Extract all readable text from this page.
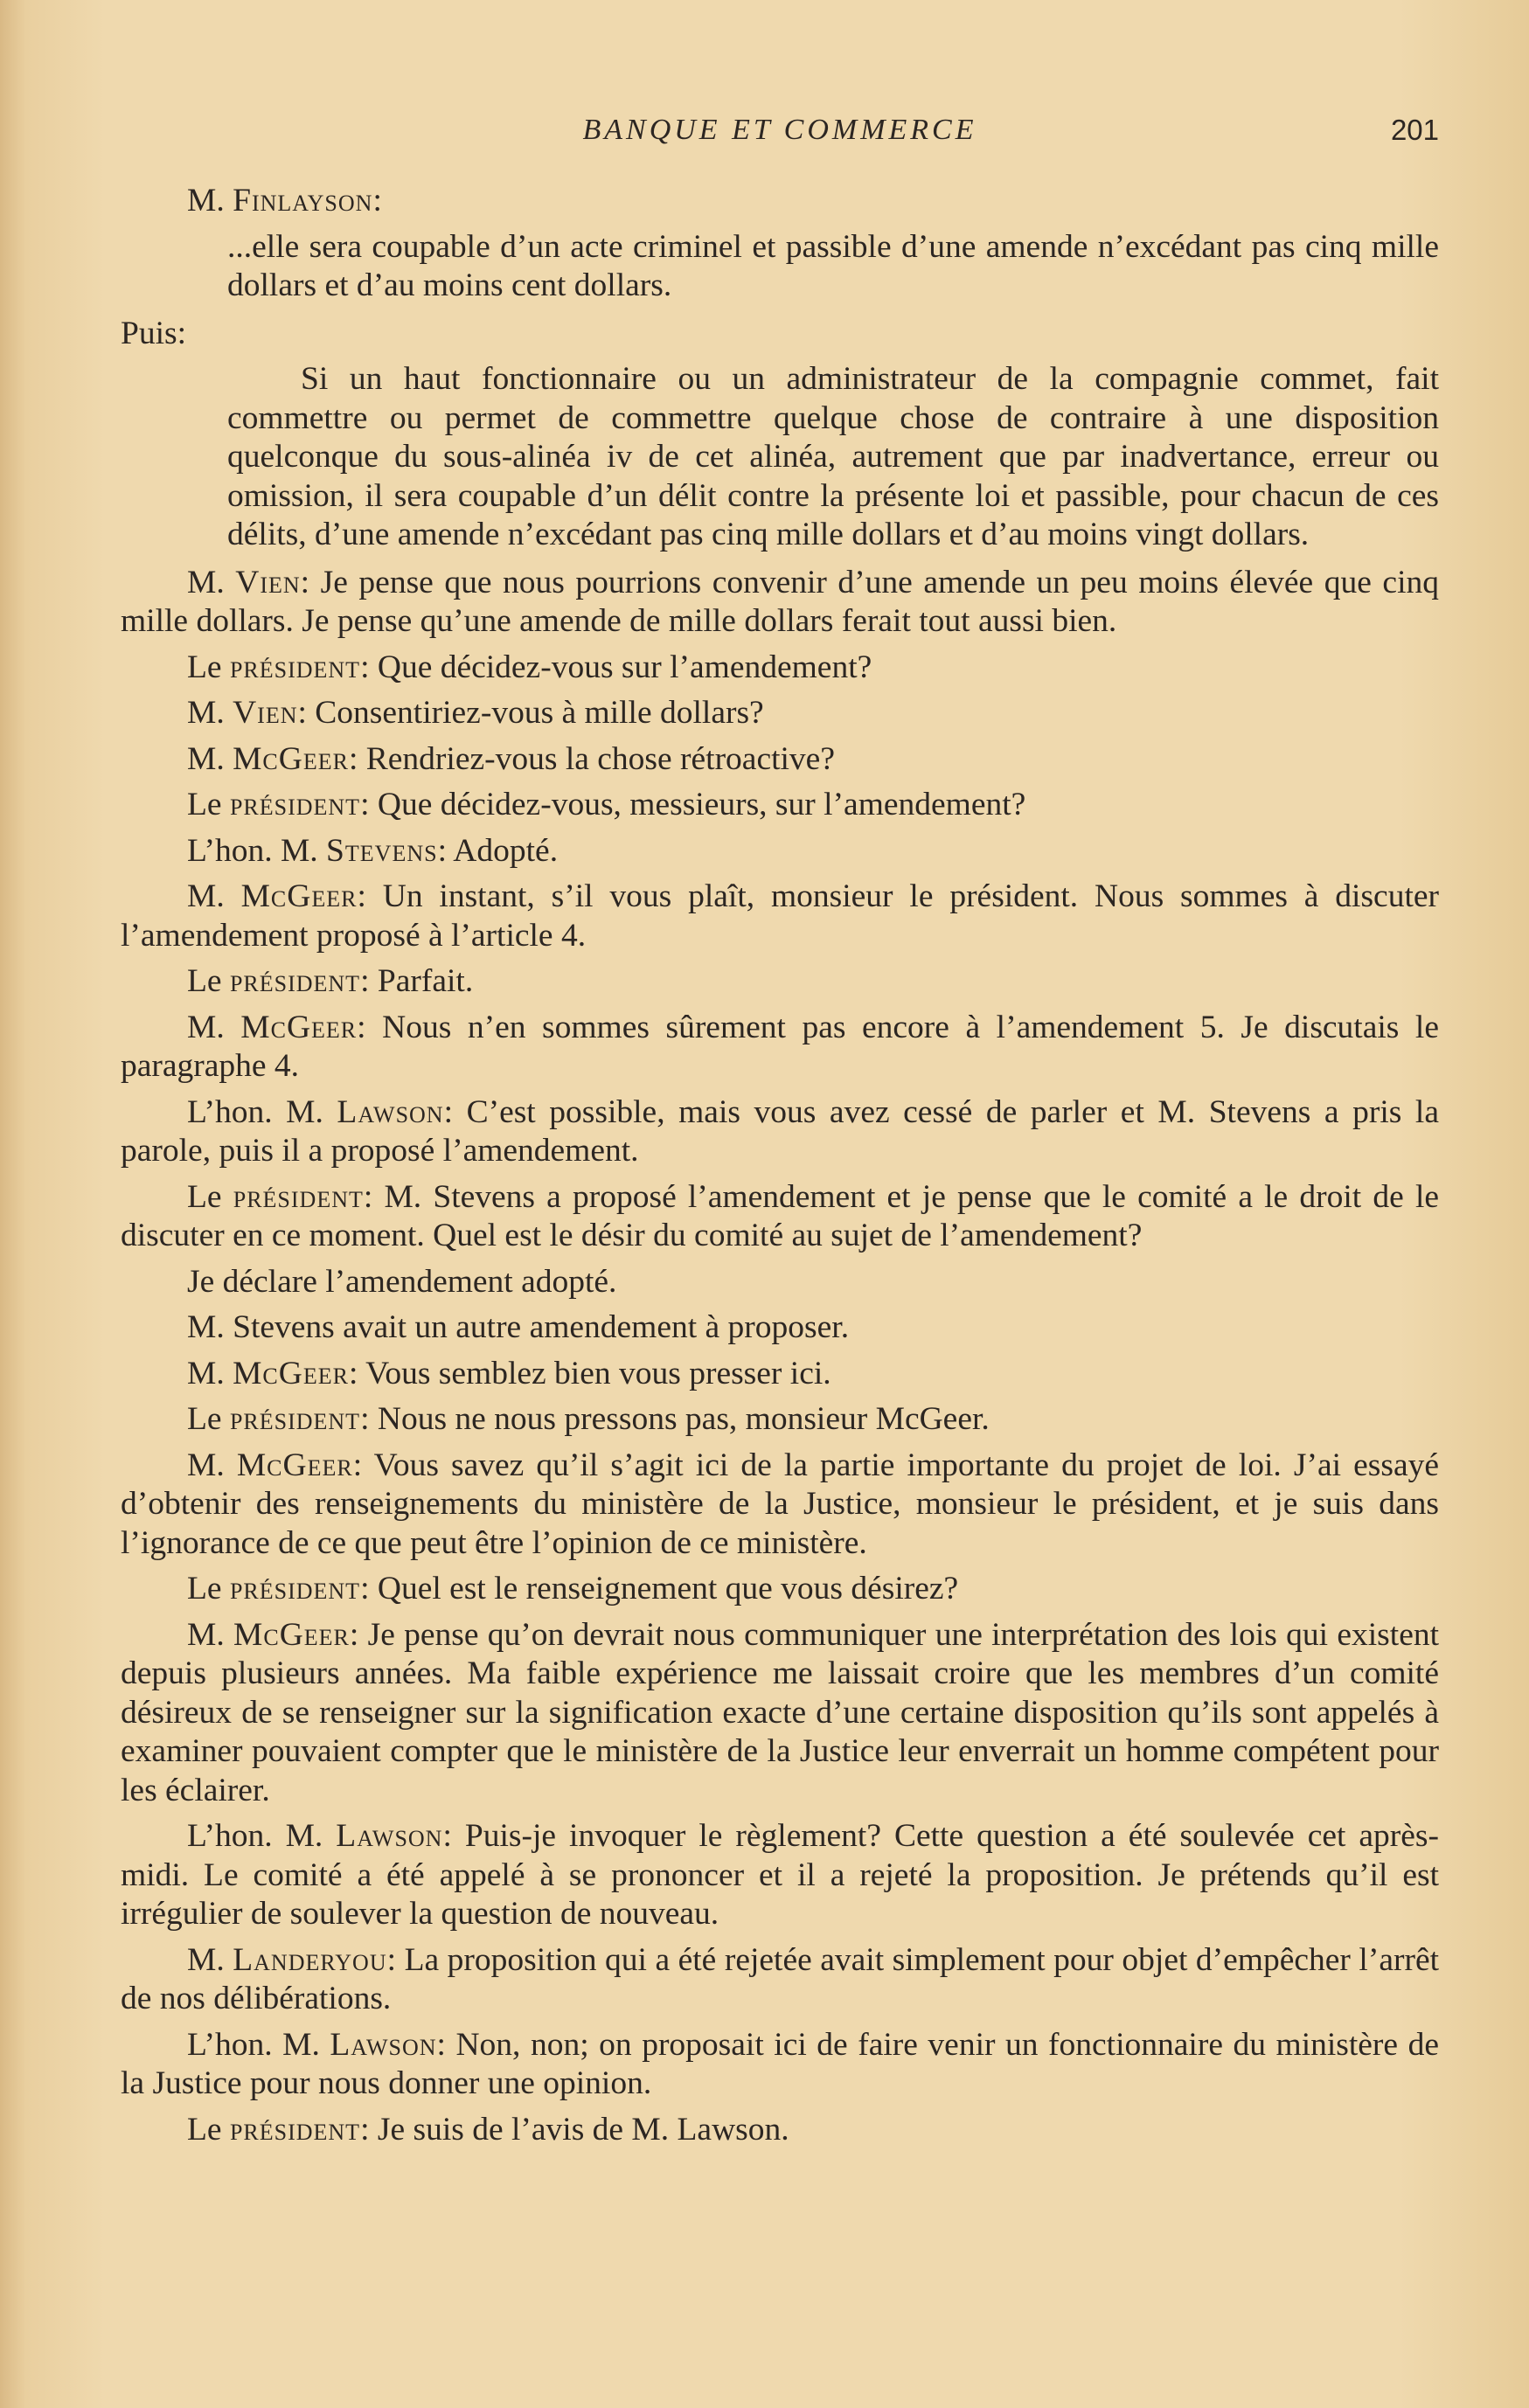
BANQUE ET COMMERCE	201

M. Finlayson:

...elle sera coupable d’un acte criminel et passible d’une amende n’excédant pas cinq mille dollars et d’au moins cent dollars.

Puis:

Si un haut fonctionnaire ou un administrateur de la compagnie commet, fait commettre ou permet de commettre quelque chose de contraire à une disposition quelconque du sous-alinéa iv de cet alinéa, autrement que par inadvertance, erreur ou omission, il sera coupable d’un délit contre la présente loi et passible, pour chacun de ces délits, d’une amende n’excédant pas cinq mille dollars et d’au moins vingt dollars.

M. Vien: Je pense que nous pourrions convenir d’une amende un peu moins élevée que cinq mille dollars. Je pense qu’une amende de mille dollars ferait tout aussi bien.

Le président: Que décidez-vous sur l’amendement?

M. Vien: Consentiriez-vous à mille dollars?

M. McGeer: Rendriez-vous la chose rétroactive?

Le président: Que décidez-vous, messieurs, sur l’amendement?

L’hon. M. Stevens: Adopté.

M. McGeer: Un instant, s’il vous plaît, monsieur le président. Nous sommes à discuter l’amendement proposé à l’article 4.

Le président: Parfait.

M. McGeer: Nous n’en sommes sûrement pas encore à l’amendement 5. Je discutais le paragraphe 4.

L’hon. M. Lawson: C’est possible, mais vous avez cessé de parler et M. Stevens a pris la parole, puis il a proposé l’amendement.

Le président: M. Stevens a proposé l’amendement et je pense que le comité a le droit de le discuter en ce moment. Quel est le désir du comité au sujet de l’amendement?

Je déclare l’amendement adopté.

M. Stevens avait un autre amendement à proposer.

M. McGeer: Vous semblez bien vous presser ici.

Le président: Nous ne nous pressons pas, monsieur McGeer.

M. McGeer: Vous savez qu’il s’agit ici de la partie importante du projet de loi. J’ai essayé d’obtenir des renseignements du ministère de la Justice, monsieur le président, et je suis dans l’ignorance de ce que peut être l’opinion de ce ministère.

Le président: Quel est le renseignement que vous désirez?

M. McGeer: Je pense qu’on devrait nous communiquer une interprétation des lois qui existent depuis plusieurs années. Ma faible expérience me laissait croire que les membres d’un comité désireux de se renseigner sur la signification exacte d’une certaine disposition qu’ils sont appelés à examiner pouvaient compter que le ministère de la Justice leur enverrait un homme compétent pour les éclairer.

L’hon. M. Lawson: Puis-je invoquer le règlement? Cette question a été soulevée cet après-midi. Le comité a été appelé à se prononcer et il a rejeté la proposition. Je prétends qu’il est irrégulier de soulever la question de nouveau.

M. Landeryou: La proposition qui a été rejetée avait simplement pour objet d’empêcher l’arrêt de nos délibérations.

L’hon. M. Lawson: Non, non; on proposait ici de faire venir un fonctionnaire du ministère de la Justice pour nous donner une opinion.

Le président: Je suis de l’avis de M. Lawson.
